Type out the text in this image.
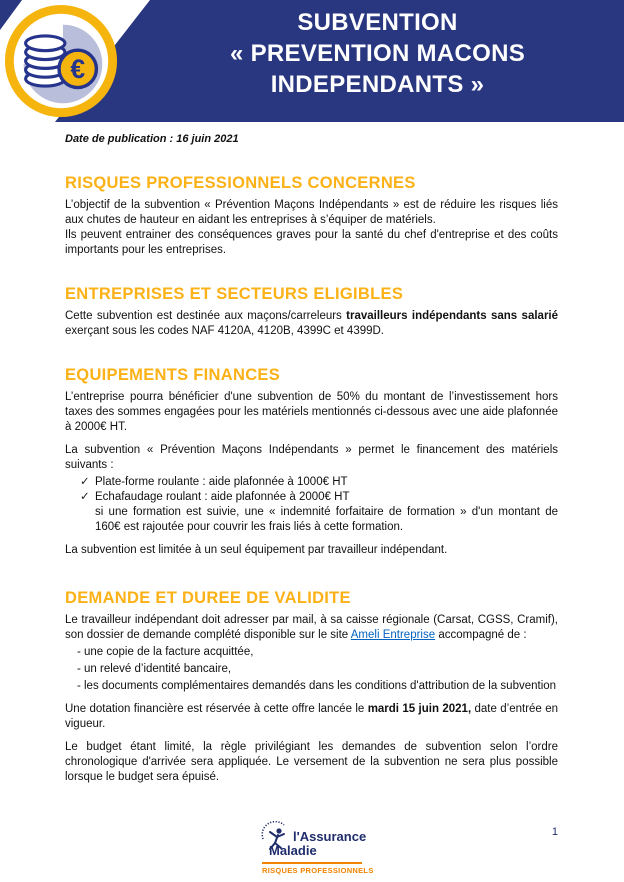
€
SUBVENTION
« PREVENTION MACONS
INDEPENDANTS »

Date de publication : 16 juin 2021

RISQUES PROFESSIONNELS CONCERNES

L’objectif de la subvention « Prévention Maçons Indépendants » est de réduire les risques liés aux chutes de hauteur en aidant les entreprises à s’équiper de matériels.

Ils peuvent entrainer des conséquences graves pour la santé du chef d'entreprise et des coûts importants pour les entreprises.

ENTREPRISES ET SECTEURS ELIGIBLES

Cette subvention est destinée aux maçons/carreleurs travailleurs indépendants sans salarié exerçant sous les codes NAF 4120A, 4120B, 4399C et 4399D.

EQUIPEMENTS FINANCES

L’entreprise pourra bénéficier d'une subvention de 50% du montant de l’investissement hors taxes des sommes engagées pour les matériels mentionnés ci-dessous avec une aide plafonnée à 2000€ HT.

La subvention « Prévention Maçons Indépendants » permet le financement des matériels suivants :

✓ Plate-forme roulante : aide plafonnée à 1000€ HT
✓ Echafaudage roulant : aide plafonnée à 2000€ HT
si une formation est suivie, une « indemnité forfaitaire de formation » d'un montant de 160€ est rajoutée pour couvrir les frais liés à cette formation.

La subvention est limitée à un seul équipement par travailleur indépendant.

DEMANDE ET DUREE DE VALIDITE

Le travailleur indépendant doit adresser par mail, à sa caisse régionale (Carsat, CGSS, Cramif), son dossier de demande complété disponible sur le site Ameli Entreprise accompagné de :

- une copie de la facture acquittée,
- un relevé d’identité bancaire,
- les documents complémentaires demandés dans les conditions d'attribution de la subvention

Une dotation financière est réservée à cette offre lancée le mardi 15 juin 2021, date d’entrée en vigueur.

Le budget étant limité, la règle privilégiant les demandes de subvention selon l’ordre chronologique d'arrivée sera appliquée. Le versement de la subvention ne sera plus possible lorsque le budget sera épuisé.

l'Assurance
Maladie
RISQUES PROFESSIONNELS
1
